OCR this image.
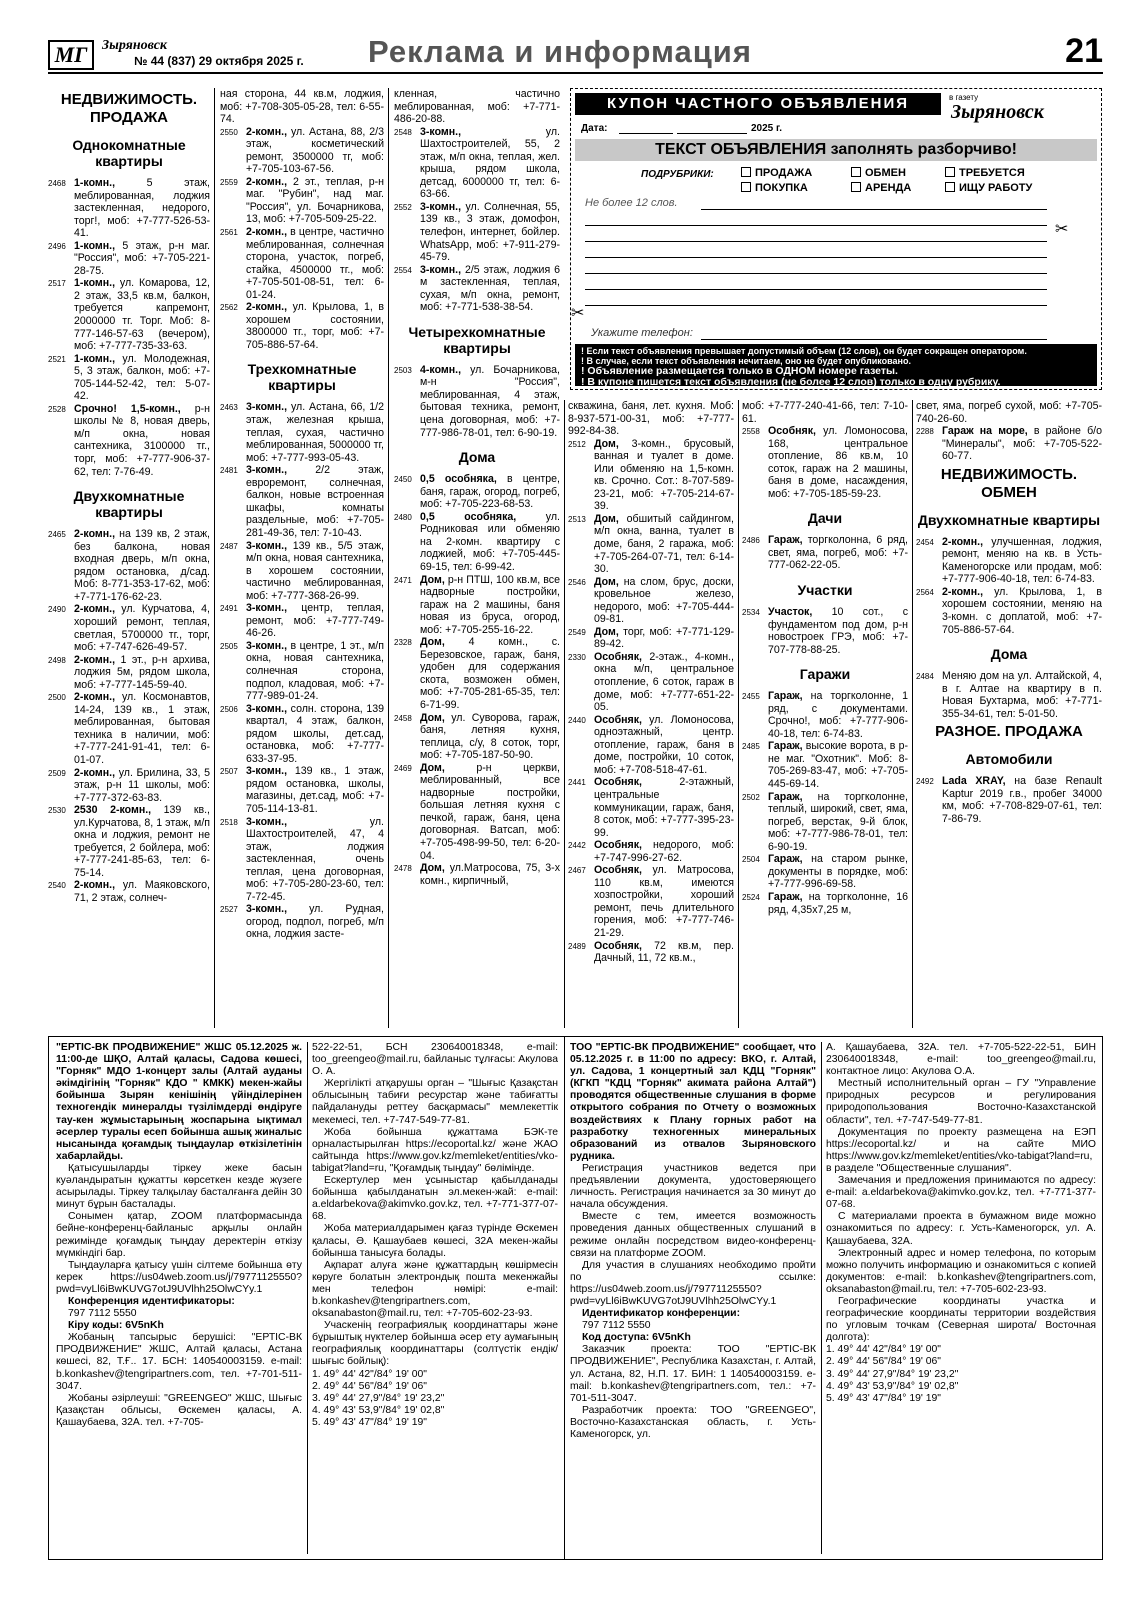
МГ	Зыряновск
№ 44 (837) 29 октября 2025 г. Реклама и информация	21
НЕДВИЖИМОСТЬ. ПРОДАЖА
Однокомнатные квартиры
2468 1-комн., 5 этаж, меблированная, лоджия застекленная, недорого, торг!, моб: +7-777-526-53-41.
2496 1-комн., 5 этаж, р-н маг. "Россия", моб: +7-705-221-28-75.
2517 1-комн., ул. Комарова, 12, 2 этаж, 33,5 кв.м, балкон, требуется капремонт, 2000000 тг. Торг. Моб: 8-777-146-57-63 (вечером), моб: +7-777-735-33-63.
2521 1-комн., ул. Молодежная, 5, 3 этаж, балкон, моб: +7-705-144-52-42, тел: 5-07-42.
2528 Срочно! 1,5-комн., р-н школы № 8, новая дверь, м/п окна, новая сантехника, 3100000 тг., торг, моб: +7-777-906-37-62, тел: 7-76-49.
Двухкомнатные квартиры
2465 2-комн., на 139 кв, 2 этаж, без балкона, новая входная дверь, м/п окна, рядом остановка, д/сад. Моб: 8-771-353-17-62, моб: +7-771-176-62-23.
2490 2-комн., ул. Курчатова, 4, хороший ремонт, теплая, светлая, 5700000 тг., торг, моб: +7-747-626-49-57.
2498 2-комн., 1 эт., р-н архива, лоджия 5м, рядом школа, моб: +7-777-145-59-40.
2500 2-комн., ул. Космонавтов, 14-24, 139 кв., 1 этаж, меблированная, бытовая техника в наличии, моб: +7-777-241-91-41, тел: 6-01-07.
2509 2-комн., ул. Брилина, 33, 5 этаж, р-н 11 школы, моб: +7-777-372-63-83.
2530 2530 2-комн., 139 кв., ул.Курчатова, 8, 1 этаж, м/п окна и лоджия, ремонт не требуется, 2 бойлера, моб: +7-777-241-85-63, тел: 6-75-14.
2540 2-комн., ул. Маяковского, 71, 2 этаж, солнеч-
ная сторона, 44 кв.м, лоджия, моб: +7-708-305-05-28, тел: 6-55-74.
2550 2-комн., ул. Астана, 88, 2/3 этаж, косметический ремонт, 3500000 тг, моб: +7-705-103-67-56.
2559 2-комн., 2 эт., теплая, р-н маг. "Рубин", над маг. "Россия", ул. Бочарникова, 13, моб: +7-705-509-25-22.
2561 2-комн., в центре, частично меблированная, солнечная сторона, участок, погреб, стайка, 4500000 тг., моб: +7-705-501-08-51, тел: 6-01-24.
2562 2-комн., ул. Крылова, 1, в хорошем состоянии, 3800000 тг., торг, моб: +7-705-886-57-64.
Трехкомнатные квартиры
2463 3-комн., ул. Астана, 66, 1/2 этаж, железная крыша, теплая, сухая, частично меблированная, 5000000 тг, моб: +7-777-993-05-43.
2481 3-комн., 2/2 этаж, евроремонт, солнечная, балкон, новые встроенная шкафы, комнаты раздельные, моб: +7-705-281-49-36, тел: 7-10-43.
2487 3-комн., 139 кв., 5/5 этаж, м/п окна, новая сантехника, в хорошем состоянии, частично меблированная, моб: +7-777-368-26-99.
2491 3-комн., центр, теплая, ремонт, моб: +7-777-749-46-26.
2505 3-комн., в центре, 1 эт., м/п окна, новая сантехника, солнечная сторона, подпол, кладовая, моб: +7-777-989-01-24.
2506 3-комн., солн. сторона, 139 квартал, 4 этаж, балкон, рядом школы, дет.сад, остановка, моб: +7-777-633-37-95.
2507 3-комн., 139 кв., 1 этаж, рядом остановка, школы, магазины, дет.сад, моб: +7-705-114-13-81.
2518 3-комн., ул. Шахтостроителей, 47, 4 этаж, лоджия застекленная, очень теплая, цена договорная, моб: +7-705-280-23-60, тел: 7-72-45.
2527 3-комн., ул. Рудная, огород, подпол, погреб, м/п окна, лоджия засте-
кленная, частично меблированная, моб: +7-771-486-20-88.
2548 3-комн., ул. Шахтостроителей, 55, 2 этаж, м/п окна, теплая, жел. крыша, рядом школа, детсад, 6000000 тг, тел: 6-63-66.
2552 3-комн., ул. Солнечная, 55, 139 кв., 3 этаж, домофон, телефон, интернет, бойлер. WhatsApp, моб: +7-911-279-45-79.
2554 3-комн., 2/5 этаж, лоджия 6 м застекленная, теплая, сухая, м/п окна, ремонт, моб: +7-771-538-38-54.
Четырехкомнатные квартиры
2503 4-комн., ул. Бочарникова, м-н "Россия", меблированная, 4 этаж, бытовая техника, ремонт, цена договорная, моб: +7-777-986-78-01, тел: 6-90-19.
Дома
2450 0,5 особняка, в центре, баня, гараж, огород, погреб, моб: +7-705-223-68-53.
2480 0,5 особняка, ул. Родниковая или обменяю на 2-комн. квартиру с лоджией, моб: +7-705-445-69-15, тел: 6-99-42.
2471 Дом, р-н ПТШ, 100 кв.м, все надворные постройки, гараж на 2 машины, баня новая из бруса, огород, моб: +7-705-255-16-22.
2328 Дом, 4 комн., с. Березовское, гараж, баня, удобен для содержания скота, возможен обмен, моб: +7-705-281-65-35, тел: 6-71-99.
2458 Дом, ул. Суворова, гараж, баня, летняя кухня, теплица, с/у, 8 соток, торг, моб: +7-705-187-50-90.
2469 Дом, р-н церкви, меблированный, все надворные постройки, большая летняя кухня с печкой, гараж, баня, цена договорная. Ватсап, моб: +7-705-498-99-50, тел: 6-20-04.
2478 Дом, ул.Матросова, 75, 3-х комн., кирпичный,
скважина, баня, лет. кухня. Моб: 8-937-571-00-31, моб: +7-777-992-84-38.
2512 Дом, 3-комн., брусовый, ванная и туалет в доме. Или обменяю на 1,5-комн. кв. Срочно. Сот.: 8-707-589-23-21, моб: +7-705-214-67-39.
2513 Дом, обшитый сайдингом, м/п окна, ванна, туалет в доме, баня, 2 гаража, моб: +7-705-264-07-71, тел: 6-14-30.
2546 Дом, на слом, брус, доски, кровельное железо, недорого, моб: +7-705-444-09-81.
2549 Дом, торг, моб: +7-771-129-89-42.
2330 Особняк, 2-этаж., 4-комн., окна м/п, центральное отопление, 6 соток, гараж в доме, моб: +7-777-651-22-05.
2440 Особняк, ул. Ломоносова, одноэтажный, центр. отопление, гараж, баня в доме, постройки, 10 соток, моб: +7-708-518-47-61.
2441 Особняк, 2-этажный, центральные коммуникации, гараж, баня, 8 соток, моб: +7-777-395-23-99.
2442 Особняк, недорого, моб: +7-747-996-27-62.
2467 Особняк, ул. Матросова, 110 кв.м, имеются хозпостройки, хороший ремонт, печь длительного горения, моб: +7-777-746-21-29.
2489 Особняк, 72 кв.м, пер. Дачный, 11, 72 кв.м.,
моб: +7-777-240-41-66, тел: 7-10-61.
2558 Особняк, ул. Ломоносова, 168, центральное отопление, 86 кв.м, 10 соток, гараж на 2 машины, баня в доме, насаждения, моб: +7-705-185-59-23.
Дачи
2486 Гараж, торгколонна, 6 ряд, свет, яма, погреб, моб: +7-777-062-22-05.
Участки
2534 Участок, 10 сот., с фундаментом под дом, р-н новостроек ГРЭ, моб: +7-707-778-88-25.
Гаражи
2455 Гараж, на торгколонне, 1 ряд, с документами. Срочно!, моб: +7-777-906-40-18, тел: 6-74-83.
2485 Гараж, высокие ворота, в р-не маг. "Охотник". Моб: 8-705-269-83-47, моб: +7-705-445-69-14.
2502 Гараж, на торгколонне, теплый, широкий, свет, яма, погреб, верстак, 9-й блок, моб: +7-777-986-78-01, тел: 6-90-19.
2504 Гараж, на старом рынке, документы в порядке, моб: +7-777-996-69-58.
2524 Гараж, на торгколонне, 16 ряд, 4,35х7,25 м,
свет, яма, погреб сухой, моб: +7-705-740-26-60.
2288 Гараж на море, в районе б/о "Минералы", моб: +7-705-522-60-77.
НЕДВИЖИМОСТЬ. ОБМЕН
Двухкомнатные квартиры
2454 2-комн., улучшенная, лоджия, ремонт, меняю на кв. в Усть-Каменогорске или продам, моб: +7-777-906-40-18, тел: 6-74-83.
2564 2-комн., ул. Крылова, 1, в хорошем состоянии, меняю на 3-комн. с доплатой, моб: +7-705-886-57-64.
Дома
2484 Меняю дом на ул. Алтайской, 4, в г. Алтае на квартиру в п. Новая Бухтарма, моб: +7-771-355-34-61, тел: 5-01-50.
РАЗНОЕ. ПРОДАЖА
Автомобили
2492 Lada XRAY, на базе Renault Kaptur 2019 г.в., пробег 34000 км, моб: +7-708-829-07-61, тел: 7-86-79.
КУПОН ЧАСТНОГО ОБЪЯВЛЕНИЯ	в газету
Зыряновск
Дата:	2025 г.
ТЕКСТ ОБЪЯВЛЕНИЯ заполнять разборчиво!
ПОДРУБРИКИ:	ПРОДАЖА	ОБМЕН	ТРЕБУЕТСЯ
ПОКУПКА	АРЕНДА	ИЩУ РАБОТУ
Не более 12 слов.
Укажите телефон:
✂
✂
! Если текст объявления превышает допустимый объем (12 слов), он будет сокращен оператором.
! В случае, если текст объявления нечитаем, оно не будет опубликовано.
! Объявление размещается только в ОДНОМ номере газеты.
! В купоне пишется текст объявления (не более 12 слов) только в одну рубрику.

"ЕРТІС-ВК ПРОДВИЖЕНИЕ" ЖШС 05.12.2025 ж. 11:00-де ШҚО, Алтай қаласы, Садова көшесі, "Горняк" МДО 1-концерт залы (Алтай ауданы әкімдігінің "Горняк" КДО " КМКК) мекен-жайы бойынша Зырян кенішінің үйінділерінен техногендік минералды түзілімдерді өндіруге тау-кен жұмыстарының жоспарына ықтимал әсерлер туралы есеп бойынша ашық жиналыс нысанында қоғамдық тыңдаулар өткізілетінін хабарлайды.

Қатысушыларды тіркеу жеке басын куәландыратын құжатты көрсеткен кезде жүзеге асырылады. Тіркеу талқылау басталғанға дейін 30 минут бұрын басталады.

Сонымен қатар, ZOOM платформасында бейне-конференц-байланыс арқылы онлайн режимінде қоғамдық тыңдау деректерін өткізу мүмкіндігі бар.

Тыңдауларға қатысу үшін сілтеме бойынша өту керек https://us04web.zoom.us/j/79771125550?pwd=vyLl6iBwKUVG7otJ9UVlhh25OlwCYy.1

Конференция идентификаторы:

797 7112 5550

Кіру коды: 6V5nKh

Жобаның тапсырыс берушісі: "ЕРТІС-ВК ПРОДВИЖЕНИЕ" ЖШС, Алтай қаласы, Астана көшесі, 82, Т.Ғ.. 17. БСН: 140540003159. e-mail: b.konkashev@tengripartners.com, тел. +7-701-511-3047.

Жобаны әзірлеуші: "GREENGEO" ЖШС, Шығыс Қазақстан облысы, Өскемен қаласы, А. Қашаубаева, 32А. тел. +7-705-

522-22-51, БСН 230640018348, e-mail: too_greengeo@mail.ru, байланыс тұлғасы: Акулова О. А.

Жергілікті атқарушы орган – "Шығыс Қазақстан облысының табиғи ресурстар және табиғатты пайдалануды реттеу басқармасы" мемлекеттік мекемесі, тел. +7-747-549-77-81.

Жоба бойынша құжаттама БЭК-те орналастырылған https://ecoportal.kz/ және ЖАО сайтында https://www.gov.kz/memleket/entities/vko-tabigat?land=ru, "Қоғамдық тыңдау" бөлімінде.

Ескертулер мен ұсыныстар қабылданады бойынша қабылданатын эл.мекен-жай: e-mail: a.eldarbekova@akimvko.gov.kz, тел. +7-771-377-07-68.

Жоба материалдарымен қағаз түрінде Өскемен қаласы, Ә. Қашаубаев көшесі, 32А мекен-жайы бойынша танысуға болады.

Ақпарат алуға және құжаттардың көшірмесін көруге болатын электрондық пошта мекенжайы мен телефон нөмірі: e-mail: b.konkashev@tengripartners.com, oksanabaston@mail.ru, тел: +7-705-602-23-93.

Учаскенің географиялық координаттары және бұрыштық нүктелер бойынша әсер ету аумағының географиялық координаттары (солтүстік ендік/ шығыс бойлық):

1. 49° 44' 42"/84° 19' 00"

2. 49° 44' 56"/84° 19' 06"

3. 49° 44' 27,9"/84° 19' 23,2"

4. 49° 43' 53,9"/84° 19' 02,8"

5. 49° 43' 47"/84° 19' 19"

ТОО "ЕРТІС-ВК ПРОДВИЖЕНИЕ" сообщает, что 05.12.2025 г. в 11:00 по адресу: ВКО, г. Алтай, ул. Садова, 1 концертный зал КДЦ "Горняк" (КГКП "КДЦ "Горняк" акимата района Алтай") проводятся общественные слушания в форме открытого собрания по Отчету о возможных воздействиях к Плану горных работ на разработку техногенных минеральных образований из отвалов Зыряновского рудника.

Регистрация участников ведется при предъявлении документа, удостоверяющего личность. Регистрация начинается за 30 минут до начала обсуждения.

Вместе с тем, имеется возможность проведения данных общественных слушаний в режиме онлайн посредством видео-конференц-связи на платформе ZOOM.

Для участия в слушаниях необходимо пройти по ссылке: https://us04web.zoom.us/j/79771125550?pwd=vyLl6iBwKUVG7otJ9UVlhh25OlwCYy.1

Идентификатор конференции:

797 7112 5550

Код доступа: 6V5nKh

Заказчик проекта: ТОО "ЕРТІС-ВК ПРОДВИЖЕНИЕ", Республика Казахстан, г. Алтай, ул. Астана, 82, Н.П. 17. БИН: 1 140540003159. e-mail: b.konkashev@tengripartners.com, тел.: +7-701-511-3047.

Разработчик проекта: ТОО "GREENGEO", Восточно-Казахстанская область, г. Усть-Каменогорск, ул.

А. Қашаубаева, 32А. тел. +7-705-522-22-51, БИН 230640018348, e-mail: too_greengeo@mail.ru, контактное лицо: Акулова О.А.

Местный исполнительный орган – ГУ "Управление природных ресурсов и регулирования природопользования Восточно-Казахстанской области", тел. +7-747-549-77-81.

Документация по проекту размещена на ЕЭП https://ecoportal.kz/ и на сайте МИО https://www.gov.kz/memleket/entities/vko-tabigat?land=ru, в разделе "Общественные слушания".

Замечания и предложения принимаются по адресу: e-mail: a.eldarbekova@akimvko.gov.kz, тел. +7-771-377-07-68.

С материалами проекта в бумажном виде можно ознакомиться по адресу: г. Усть-Каменогорск, ул. А. Қашаубаева, 32А.

Электронный адрес и номер телефона, по которым можно получить информацию и ознакомиться с копией документов: e-mail: b.konkashev@tengripartners.com, oksanabaston@mail.ru, тел: +7-705-602-23-93.

Географические координаты участка и географические координаты территории воздействия по угловым точкам (Северная широта/ Восточная долгота):

1. 49° 44' 42"/84° 19' 00"

2. 49° 44' 56"/84° 19' 06"

3. 49° 44' 27,9"/84° 19' 23,2"

4. 49° 43' 53,9"/84° 19' 02,8"

5. 49° 43' 47"/84° 19' 19"
